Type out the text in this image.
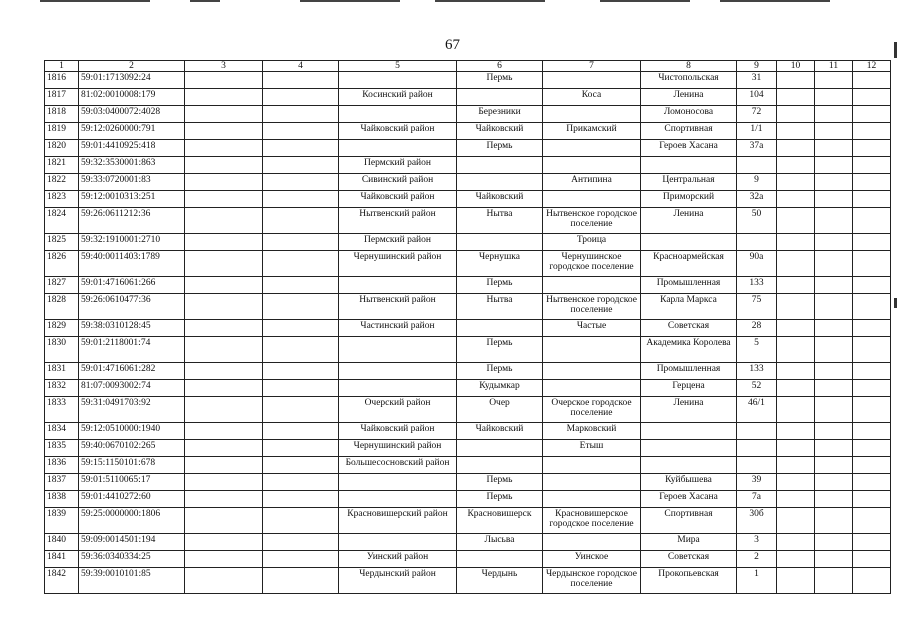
67
1	2	3	4	5	6	7	8	9	10	11	12
1816	59:01:1713092:24				Пермь		Чистопольская	31			
1817	81:02:0010008:179			Косинский район		Коса	Ленина	104			
1818	59:03:0400072:4028				Березники		Ломоносова	72			
1819	59:12:0260000:791			Чайковский район	Чайковский	Прикамский	Спортивная	1/1			
1820	59:01:4410925:418				Пермь		Героев Хасана	37а			
1821	59:32:3530001:863			Пермский район							
1822	59:33:0720001:83			Сивинский район		Антипина	Центральная	9			
1823	59:12:0010313:251			Чайковский район	Чайковский		Приморский	32а			
1824	59:26:0611212:36			Нытвенский район	Нытва	Нытвенское городское поселение	Ленина	50			
1825	59:32:1910001:2710			Пермский район		Троица					
1826	59:40:0011403:1789			Чернушинский район	Чернушка	Чернушинское городское поселение	Красноармейская	90а			
1827	59:01:4716061:266				Пермь		Промышленная	133			
1828	59:26:0610477:36			Нытвенский район	Нытва	Нытвенское городское поселение	Карла Маркса	75			
1829	59:38:0310128:45			Частинский район		Частые	Советская	28			
1830	59:01:2118001:74				Пермь		Академика Королева	5			
1831	59:01:4716061:282				Пермь		Промышленная	133			
1832	81:07:0093002:74				Кудымкар		Герцена	52			
1833	59:31:0491703:92			Очерский район	Очер	Очерское городское поселение	Ленина	46/1			
1834	59:12:0510000:1940			Чайковский район	Чайковский	Марковский					
1835	59:40:0670102:265			Чернушинский район		Етыш					
1836	59:15:1150101:678			Большесосновский район							
1837	59:01:5110065:17				Пермь		Куйбышева	39			
1838	59:01:4410272:60				Пермь		Героев Хасана	7а			
1839	59:25:0000000:1806			Красновишерский район	Красновишерск	Красновишерское городское поселение	Спортивная	30б			
1840	59:09:0014501:194				Лысьва		Мира	3			
1841	59:36:0340334:25			Уинский район		Уинское	Советская	2			
1842	59:39:0010101:85			Чердынский район	Чердынь	Чердынское городское поселение	Прокопьевская	1			
